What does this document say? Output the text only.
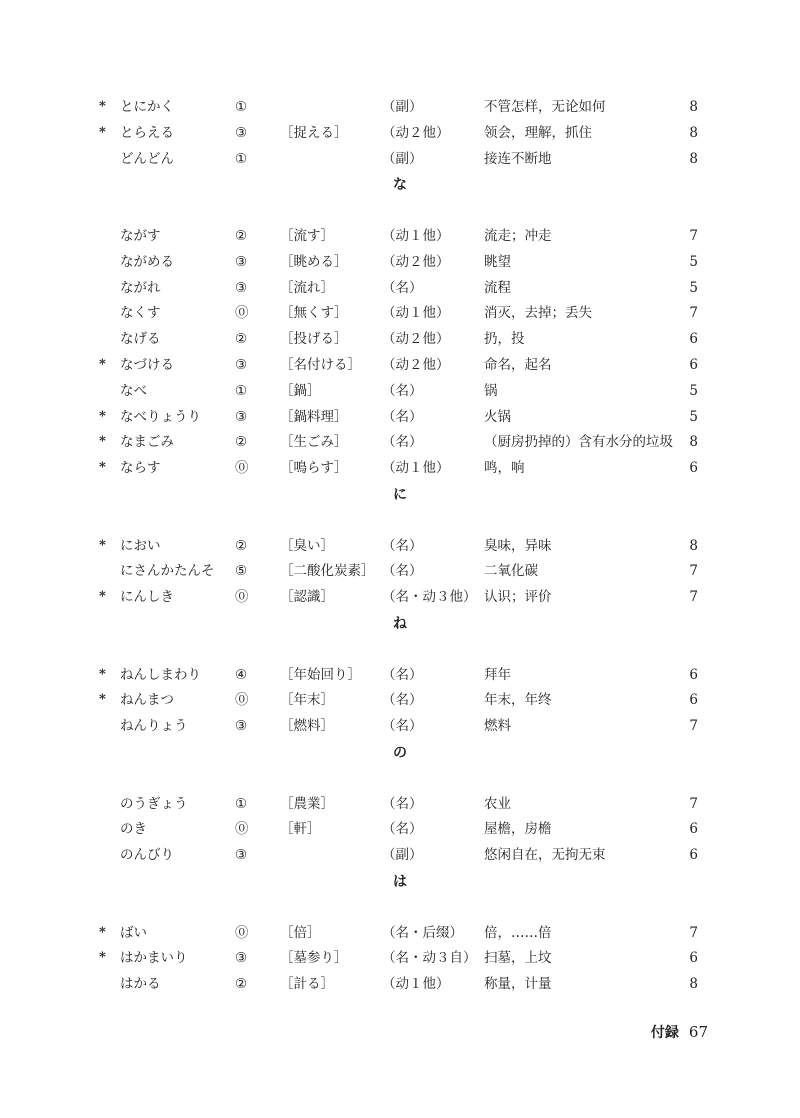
*	とにかく	①	（副）	不管怎样，无论如何	8
*	とらえる	③ ［捉える］	（动２他）	领会，理解，抓住	8
どんどん	①	（副）	接连不断地	8
な
ながす	② ［流す］	（动１他）	流走；冲走	7
ながめる	③ ［眺める］	（动２他）	眺望	5
ながれ	③ ［流れ］	（名）	流程	5
なくす	⓪ ［無くす］	（动１他）	消灭，去掉；丢失	7
なげる	② ［投げる］	（动２他）	扔，投	6
*	なづける	③ ［名付ける］ （动２他）	命名，起名	6
なべ	① ［鍋］	（名）	锅	5
*	なべりょうり	③ ［鍋料理］	（名）	火锅	5
*	なまごみ	② ［生ごみ］	（名）	（厨房扔掉的）含有水分的垃圾	8
*	ならす	⓪ ［鳴らす］	（动１他）	鸣，响	6
に
*	におい	② ［臭い］	（名）	臭味，异味	8
にさんかたんそ ⑤ ［二酸化炭素］ （名）	二氧化碳	7
*	にんしき	⓪ ［認識］	（名・动３他） 认识；评价	7
ね
*	ねんしまわり	④ ［年始回り］ （名）	拜年	6
*	ねんまつ	⓪ ［年末］	（名）	年末，年终	6
ねんりょう	③ ［燃料］	（名）	燃料	7
の
のうぎょう	① ［農業］	（名）	农业	7
のき	⓪ ［軒］	（名）	屋檐，房檐	6
のんびり	③	（副）	悠闲自在，无拘无束	6
は
*	ばい	⓪ ［倍］	（名・后缀） 倍，……倍	7
*	はかまいり	③ ［墓参り］	（名・动３自） 扫墓，上坟	6
はかる	② ［計る］	（动１他）	称量，计量	8
付録 67
